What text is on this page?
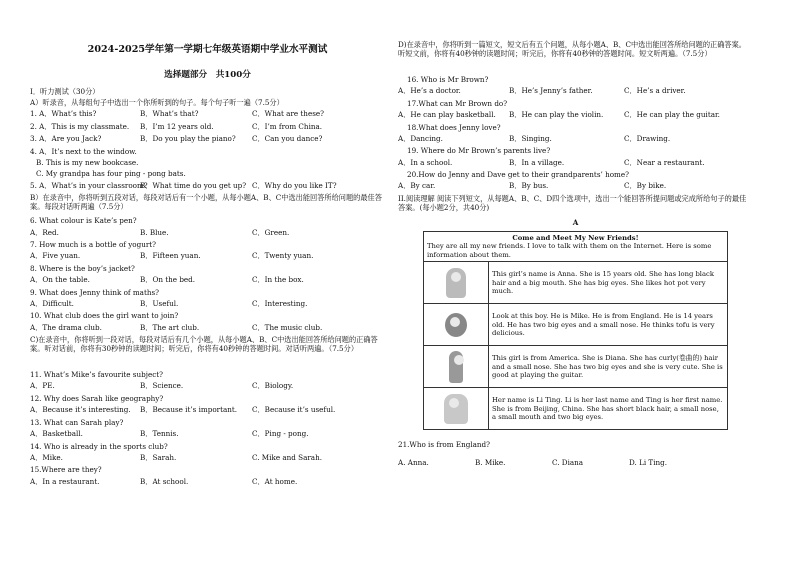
2024-2025学年第一学期七年级英语期中学业水平测试
选择题部分　共100分
I．听力测试（30分）
A）听录音，从每组句子中选出一个你所听到的句子。每个句子听一遍（7.5分）
1. A．What’s this?	B．What’s that?	C．What are these?
2. A．This is my classmate.	B．I’m 12 years old.	C．I’m from China.
3. A．Are you Jack?	B．Do you play the piano?	C．Can you dance?
4. A．It’s next to the window.
B. This is my new bookcase.
C. My grandpa has four ping - pong bats.
5. A．What’s in your classroom?
B．What time do you get up? C．Why do you like IT?
B）在录音中，你将听到五段对话，每段对话后有一个小题，从每小题A、B、C中选出能回答所给问题的最佳答案。每段对话听两遍（7.5分）
6. What colour is Kate’s pen?
A．Red.	B. Blue.	C．Green.
7. How much is a bottle of yogurt?
A．Five yuan.	B．Fifteen yuan.	C．Twenty yuan.
8. Where is the boy’s jacket?
A．On the table.	B．On the bed.	C．In the box.
9. What does Jenny think of maths?
A．Difficult.	B．Useful.	C．Interesting.
10. What club does the girl want to join?
A．The drama club.	B．The art club.	C．The music club.
C)在录音中，你将听到一段对话，每段对话后有几个小题，从每小题A、B、C中选出能回答所给问题的正确答案。听对话前，你将有30秒钟的读题时间；听完后，你将有40秒钟的答题时间。对话听两遍。（7.5分）
11. What’s Mike’s favourite subject?
A．PE.	B．Science.	C．Biology.
12. Why does Sarah like geography?
A．Because it’s interesting.	B．Because it’s important.	C．Because it’s useful.
13. What can Sarah play?
A．Basketball.	B．Tennis.	C．Ping - pong.
14. Who is already in the sports club?
A．Mike.	B．Sarah.	C. Mike and Sarah.
15.Where are they?
A．In a restaurant.	B．At school.	C．At home.
D)在录音中，你将听到一篇短文，短文后有五个问题，从每小题A、B、C中选出能回答所给问题的正确答案。听短文前，你将有40秒钟的读题时间；听完后，你将有40秒钟的答题时间。短文听两遍。（7.5分）
16. Who is Mr Brown?
A．He’s a doctor.	B．He’s Jenny’s father.	C．He’s a driver.
17.What can Mr Brown do?
A．He can play basketball.	B．He can play the violin.	C．He can play the guitar.
18.What does Jenny love?
A．Dancing.	B．Singing.	C．Drawing.
19. Where do Mr Brown’s parents live?
A．In a school.	B．In a village.	C．Near a restaurant.
20.How do Jenny and Dave get to their grandparents’ home?
A．By car.	B．By bus.	C．By bike.
II.阅读理解 阅读下列短文，从每题A、B、C、D四个选项中，选出一个能回答所提问题或完成所给句子的最佳答案。(每小题2分，共40分)
A
Come and Meet My New Friends!
They are all my new friends. I love to talk with them on the Internet. Here is some information about them.	

	This girl’s name is Anna. She is 15 years old. She has long black hair and a big mouth. She has big eyes. She likes hot pot very much.

	Look at this boy. He is Mike. He is from England. He is 14 years old. He has two big eyes and a small nose. He thinks tofu is very delicious.

	This girl is from America. She is Diana. She has curly(卷曲的) hair and a small nose. She has two big eyes and she is very cute. She is good at playing the guitar.

	Her name is Li Ting. Li is her last name and Ting is her first name. She is from Beijing, China. She has short black hair, a small nose, a small mouth and two big eyes.
21.Who is from England?
A. Anna.	B. Mike.	C. Diana	D. Li Ting.
